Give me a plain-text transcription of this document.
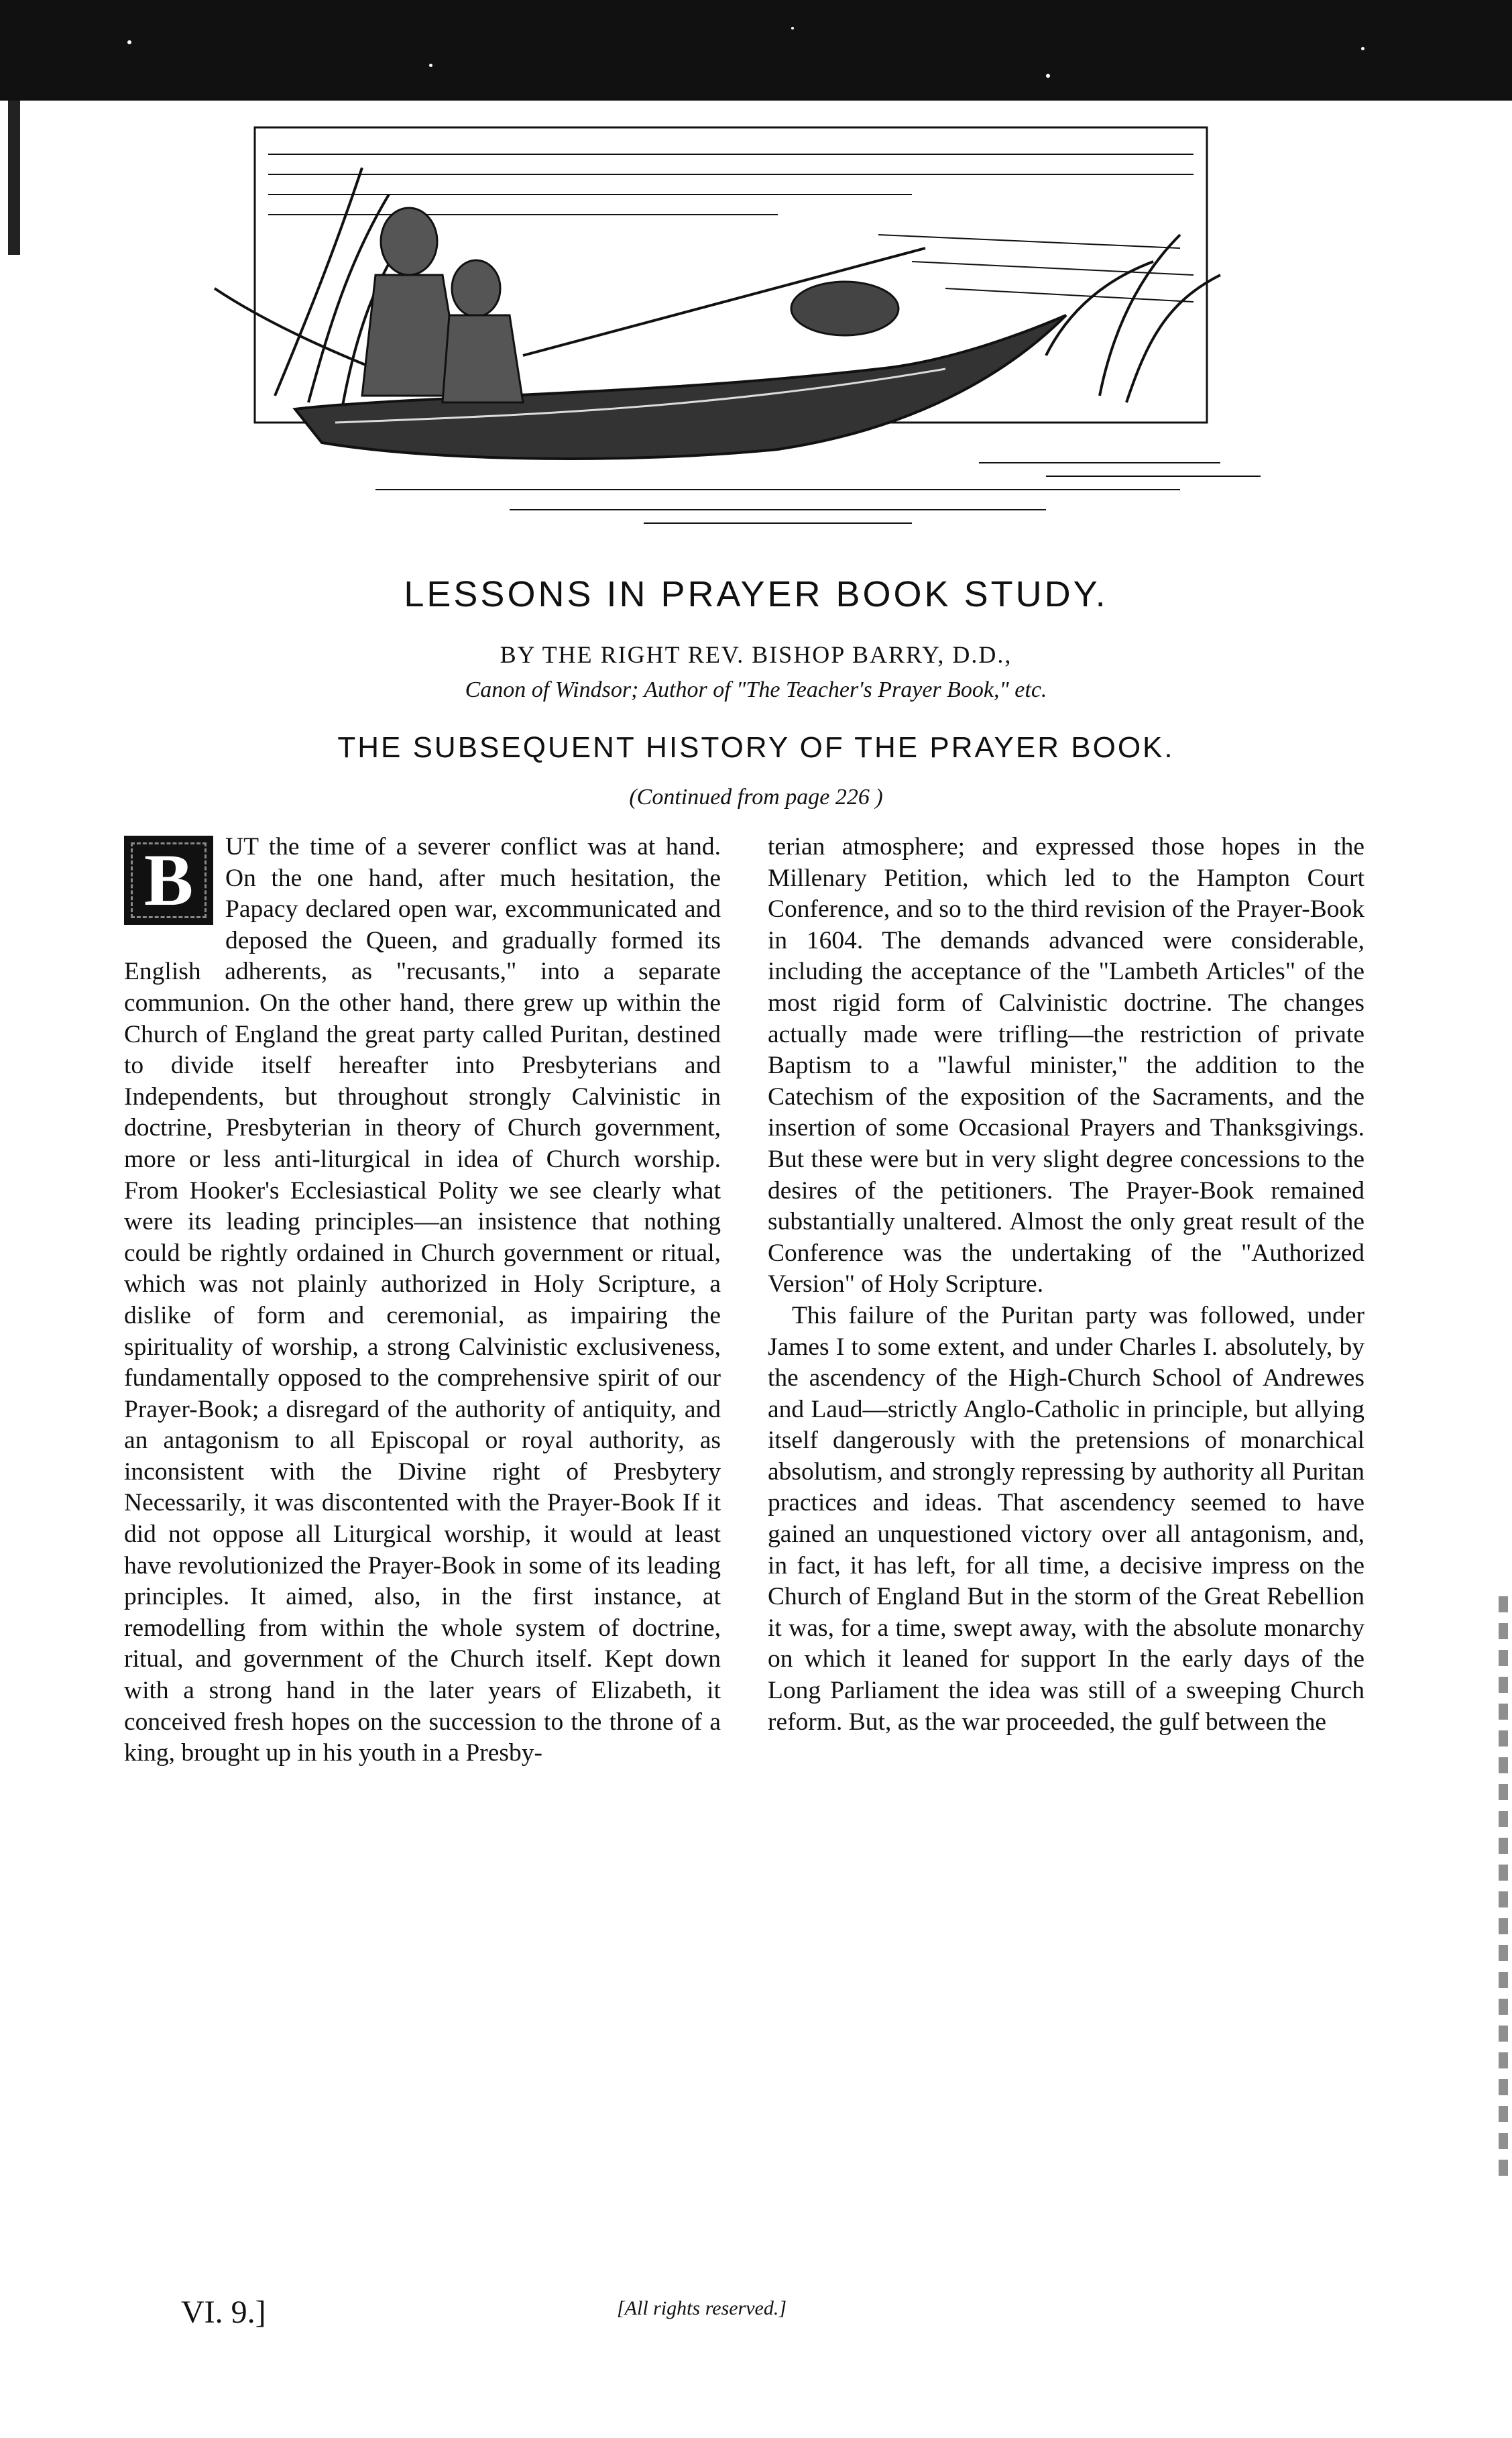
LESSONS IN PRAYER BOOK STUDY.
BY THE RIGHT REV. BISHOP BARRY, D.D.,
Canon of Windsor; Author of "The Teacher's Prayer Book," etc.
THE SUBSEQUENT HISTORY OF THE PRAYER BOOK.
(Continued from page 226 )
B	UT the time of a severer conflict was at hand. On the one hand, after much hesitation, the Papacy declared open war, excommunicated and deposed the Queen, and gradually formed its English adherents, as "recusants," into a separate communion. On the other hand, there grew up within the Church of England the great party called Puritan, destined to divide itself hereafter into Presbyterians and Independents, but throughout strongly Calvinistic in doctrine, Presbyterian in theory of Church government, more or less anti-liturgical in idea of Church worship. From Hooker's Ecclesiastical Polity we see clearly what were its leading principles—an insistence that nothing could be rightly ordained in Church government or ritual, which was not plainly authorized in Holy Scripture, a dislike of form and ceremonial, as impairing the spirituality of worship, a strong Calvinistic exclusiveness, fundamentally opposed to the comprehensive spirit of our Prayer-Book; a disregard of the authority of antiquity, and an antagonism to all Episcopal or royal authority, as inconsistent with the Divine right of Presbytery Necessarily, it was discontented with the Prayer-Book If it did not oppose all Liturgical worship, it would at least have revolutionized the Prayer-Book in some of its leading principles. It aimed, also, in the first instance, at remodelling from within the whole system of doctrine, ritual, and government of the Church itself. Kept down with a strong hand in the later years of Elizabeth, it conceived fresh hopes on the succession to the throne of a king, brought up in his youth in a Presby-

terian atmosphere; and expressed those hopes in the Millenary Petition, which led to the Hampton Court Conference, and so to the third revision of the Prayer-Book in 1604. The demands advanced were considerable, including the acceptance of the "Lambeth Articles" of the most rigid form of Calvinistic doctrine. The changes actually made were trifling—the restriction of private Baptism to a "lawful minister," the addition to the Catechism of the exposition of the Sacraments, and the insertion of some Occasional Prayers and Thanksgivings. But these were but in very slight degree concessions to the desires of the petitioners. The Prayer-Book remained substantially unaltered. Almost the only great result of the Conference was the undertaking of the "Authorized Version" of Holy Scripture.

This failure of the Puritan party was followed, under James I to some extent, and under Charles I. absolutely, by the ascendency of the High-Church School of Andrewes and Laud—strictly Anglo-Catholic in principle, but allying itself dangerously with the pretensions of monarchical absolutism, and strongly repressing by authority all Puritan practices and ideas. That ascendency seemed to have gained an unquestioned victory over all antagonism, and, in fact, it has left, for all time, a decisive impress on the Church of England But in the storm of the Great Rebellion it was, for a time, swept away, with the absolute monarchy on which it leaned for support In the early days of the Long Parliament the idea was still of a sweeping Church reform. But, as the war proceeded, the gulf between the

VI. 9.]	[All rights reserved.]
